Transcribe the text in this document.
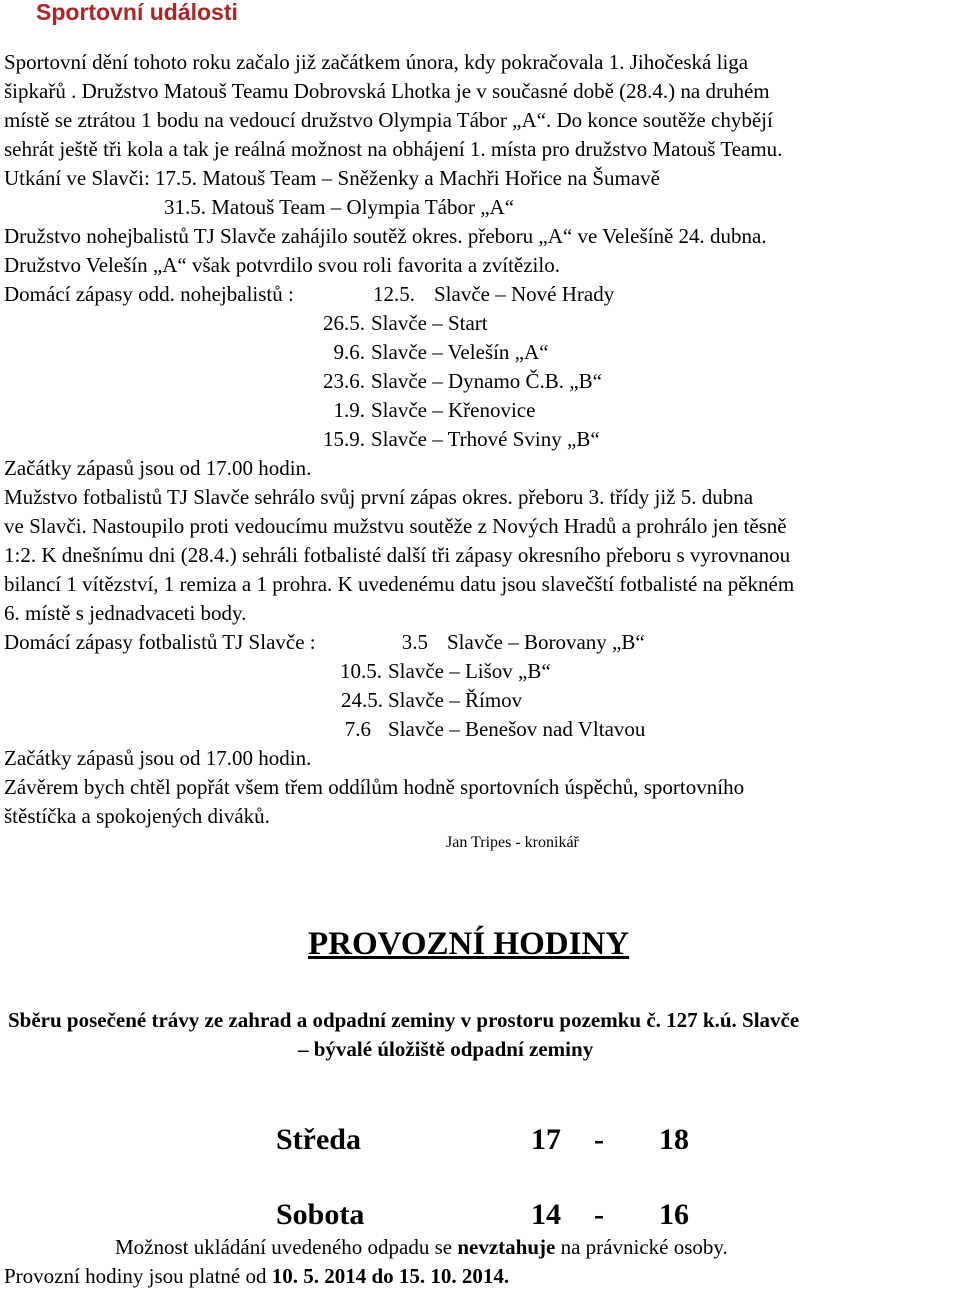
Sportovní události
Sportovní dění tohoto roku začalo již začátkem února, kdy pokračovala 1. Jihočeská liga
šipkařů . Družstvo Matouš Teamu Dobrovská Lhotka je v současné době (28.4.) na druhém
místě se ztrátou 1 bodu na vedoucí družstvo Olympia Tábor „A“. Do konce soutěže chybějí
sehrát ještě tři kola a tak je reálná možnost na obhájení 1. místa pro družstvo Matouš Teamu.
Utkání ve Slavči: 17.5. Matouš Team – Sněženky a Machři Hořice na Šumavě
31.5. Matouš Team – Olympia Tábor „A“
Družstvo nohejbalistů TJ Slavče zahájilo soutěž okres. přeboru „A“ ve Velešíně 24. dubna.
Družstvo Velešín „A“ však potvrdilo svou roli favorita a zvítězilo.
Domácí zápasy odd. nohejbalistů :	12.5. Slavče – Nové Hrady
26.5. Slavče – Start
9.6. Slavče – Velešín „A“
23.6. Slavče – Dynamo Č.B. „B“
1.9. Slavče – Křenovice
15.9. Slavče – Trhové Sviny „B“
Začátky zápasů jsou od 17.00 hodin.
Mužstvo fotbalistů TJ Slavče sehrálo svůj první zápas okres. přeboru 3. třídy již 5. dubna
ve Slavči. Nastoupilo proti vedoucímu mužstvu soutěže z Nových Hradů a prohrálo jen těsně
1:2. K dnešnímu dni (28.4.) sehráli fotbalisté další tři zápasy okresního přeboru s vyrovnanou
bilancí 1 vítězství, 1 remiza a 1 prohra. K uvedenému datu jsou slavečští fotbalisté na pěkném
6. místě s jednadvaceti body.
Domácí zápasy fotbalistů TJ Slavče :	3.5 Slavče – Borovany „B“
10.5. Slavče – Lišov „B“
24.5. Slavče – Římov
7.6 Slavče – Benešov nad Vltavou
Začátky zápasů jsou od 17.00 hodin.
Závěrem bych chtěl popřát všem třem oddílům hodně sportovních úspěchů, sportovního
štěstíčka a spokojených diváků.
Jan Tripes - kronikář
PROVOZNÍ HODINY
Sběru posečené trávy ze zahrad a odpadní zeminy v prostoru pozemku č. 127 k.ú. Slavče
– bývalé úložiště odpadní zeminy
Středa	17 - 18
Sobota	14 - 16
Možnost ukládání uvedeného odpadu se nevztahuje na právnické osoby.
Provozní hodiny jsou platné od 10. 5. 2014 do 15. 10. 2014.
